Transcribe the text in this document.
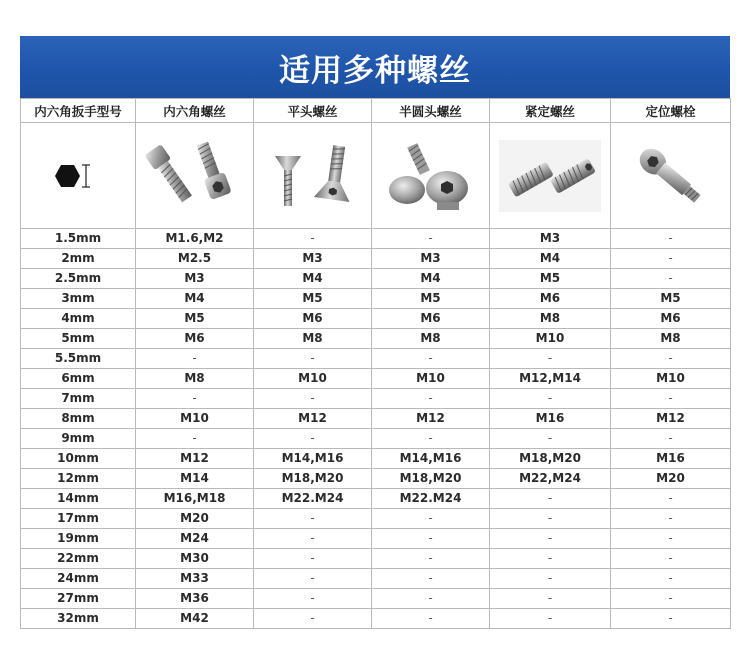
适用多种螺丝
内六角扳手型号	内六角螺丝	平头螺丝	半圆头螺丝	紧定螺丝	定位螺栓

1.5mm	M1.6,M2	-	-	M3	-
2mm	M2.5	M3	M3	M4	-
2.5mm	M3	M4	M4	M5	-
3mm	M4	M5	M5	M6	M5
4mm	M5	M6	M6	M8	M6
5mm	M6	M8	M8	M10	M8
5.5mm	-	-	-	-	-
6mm	M8	M10	M10	M12,M14	M10
7mm	-	-	-	-	-
8mm	M10	M12	M12	M16	M12
9mm	-	-	-	-	-
10mm	M12	M14,M16	M14,M16	M18,M20	M16
12mm	M14	M18,M20	M18,M20	M22,M24	M20
14mm	M16,M18	M22.M24	M22.M24	-	-
17mm	M20	-	-	-	-
19mm	M24	-	-	-	-
22mm	M30	-	-	-	-
24mm	M33	-	-	-	-
27mm	M36	-	-	-	-
32mm	M42	-	-	-	-
